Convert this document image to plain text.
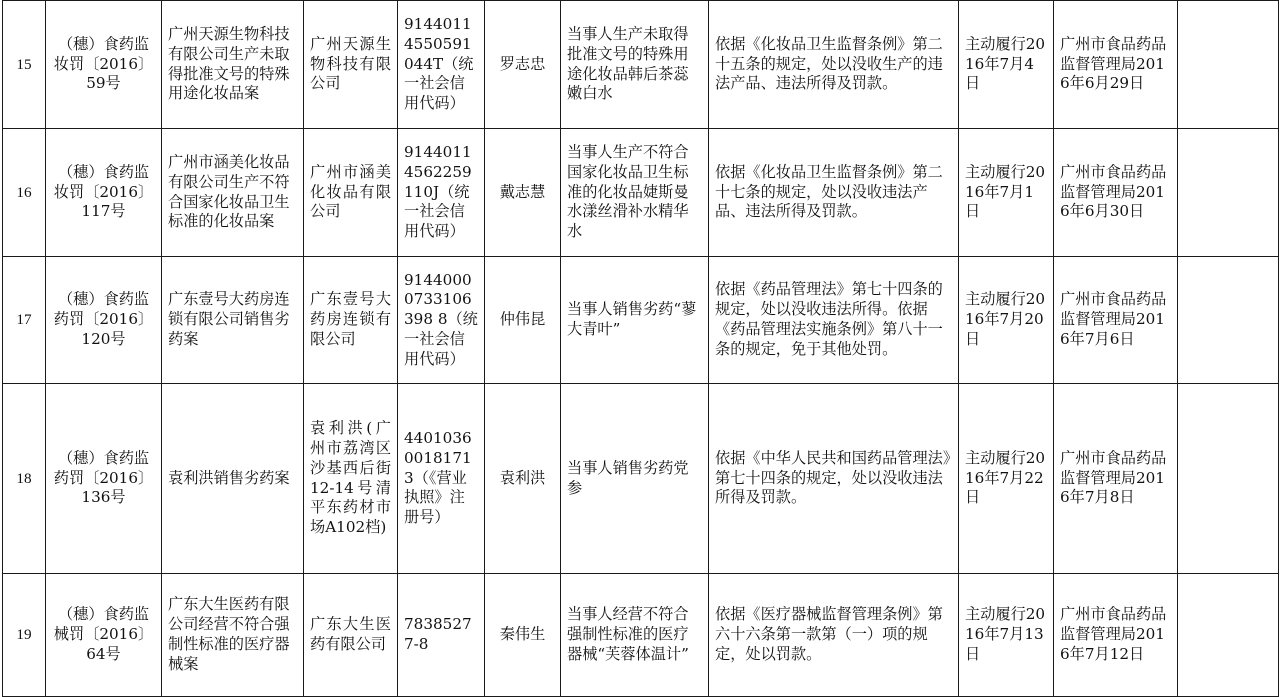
15	（穗）食药监妆罚〔2016〕59号	广州天源生物科技有限公司生产未取得批准文号的特殊用途化妆品案	广州天源生物科技有限公司	91440114550591044T（统一社会信用代码）	罗志忠	当事人生产未取得批准文号的特殊用途化妆品韩后茶蕊嫩白水	依据《化妆品卫生监督条例》第二十五条的规定，处以没收生产的违法产品、违法所得及罚款。	主动履行2016年7月4日	广州市食品药品监督管理局2016年6月29日	

16	（穗）食药监妆罚〔2016〕117号	广州市涵美化妆品有限公司生产不符合国家化妆品卫生标准的化妆品案	广州市涵美化妆品有限公司	91440114562259110J（统一社会信用代码）	戴志慧	当事人生产不符合国家化妆品卫生标准的化妆品婕斯曼水漾丝滑补水精华水	依据《化妆品卫生监督条例》第二十七条的规定，处以没收违法产品、违法所得及罚款。	主动履行2016年7月1日	广州市食品药品监督管理局2016年6月30日	

17	（穗）食药监药罚〔2016〕120号	广东壹号大药房连锁有限公司销售劣药案	广东壹号大药房连锁有限公司	91440000733106398 8（统一社会信用代码）	仲伟昆	当事人销售劣药“蓼大青叶”	依据《药品管理法》第七十四条的规定，处以没收违法所得。依据《药品管理法实施条例》第八十一条的规定，免于其他处罚。	主动履行2016年7月20日	广州市食品药品监督管理局2016年7月6日	

18	（穗）食药监药罚〔2016〕136号	袁利洪销售劣药案	袁利洪(广州市荔湾区沙基西后街12-14号清平东药材市场A102档)	44010360018171 3（《营业执照》注册号）	袁利洪	当事人销售劣药党参	依据《中华人民共和国药品管理法》第七十四条的规定，处以没收违法所得及罚款。	主动履行2016年7月22日	广州市食品药品监督管理局2016年7月8日	

19	（穗）食药监械罚〔2016〕64号	广东大生医药有限公司经营不符合强制性标准的医疗器械案	广东大生医药有限公司	78385277-8	秦伟生	当事人经营不符合强制性标准的医疗器械“芙蓉体温计”	依据《医疗器械监督管理条例》第六十六条第一款第（一）项的规定，处以罚款。	主动履行2016年7月13日	广州市食品药品监督管理局2016年7月12日	
